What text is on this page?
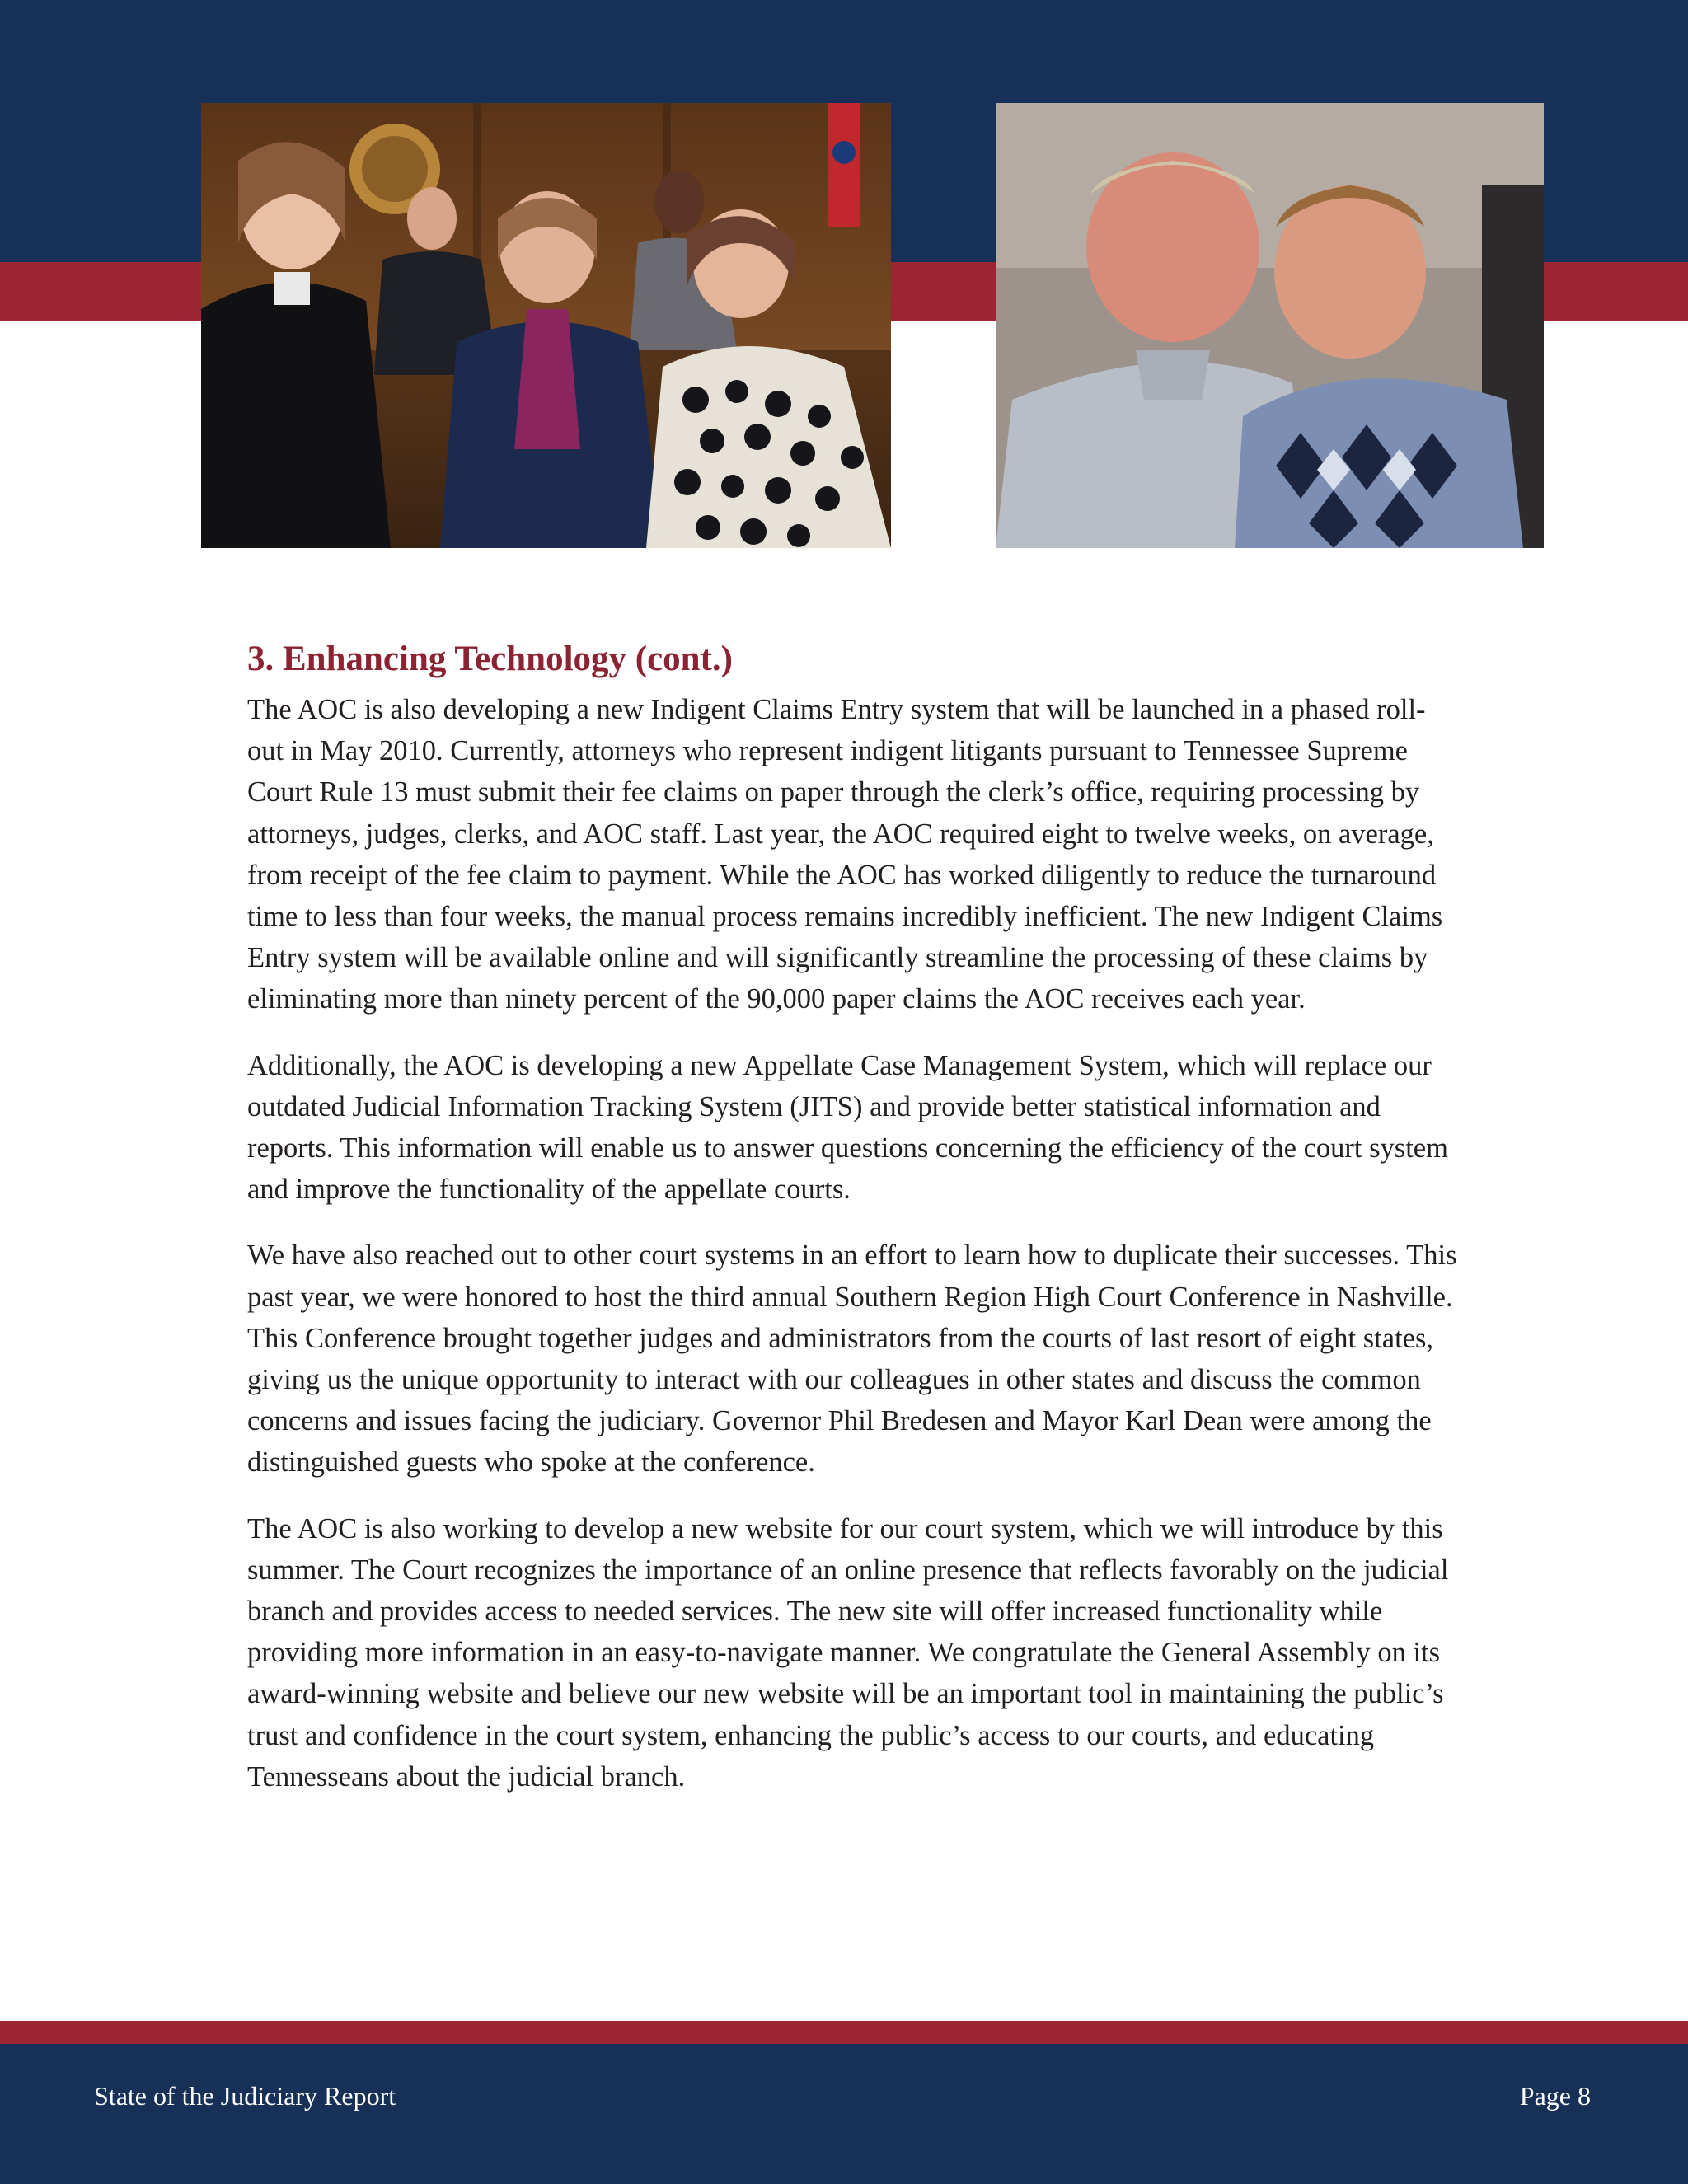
3. Enhancing Technology (cont.)

The AOC is also developing a new Indigent Claims Entry system that will be launched in a phased roll-out in May 2010. Currently, attorneys who represent indigent litigants pursuant to Tennessee Supreme Court Rule 13 must submit their fee claims on paper through the clerk’s office, requiring processing by attorneys, judges, clerks, and AOC staff. Last year, the AOC required eight to twelve weeks, on average, from receipt of the fee claim to payment. While the AOC has worked diligently to reduce the turnaround time to less than four weeks, the manual process remains incredibly inefficient. The new Indigent Claims Entry system will be available online and will significantly streamline the processing of these claims by eliminating more than ninety percent of the 90,000 paper claims the AOC receives each year.

Additionally, the AOC is developing a new Appellate Case Management System, which will replace our outdated Judicial Information Tracking System (JITS) and provide better statistical information and reports. This information will enable us to answer questions concerning the efficiency of the court system and improve the functionality of the appellate courts.

We have also reached out to other court systems in an effort to learn how to duplicate their successes. This past year, we were honored to host the third annual Southern Region High Court Conference in Nashville. This Conference brought together judges and administrators from the courts of last resort of eight states, giving us the unique opportunity to interact with our colleagues in other states and discuss the common concerns and issues facing the judiciary. Governor Phil Bredesen and Mayor Karl Dean were among the distinguished guests who spoke at the conference.

The AOC is also working to develop a new website for our court system, which we will introduce by this summer. The Court recognizes the importance of an online presence that reflects favorably on the judicial branch and provides access to needed services. The new site will offer increased functionality while providing more information in an easy-to-navigate manner. We congratulate the General Assembly on its award-winning website and believe our new website will be an important tool in maintaining the public’s trust and confidence in the court system, enhancing the public’s access to our courts, and educating Tennesseans about the judicial branch.

State of the Judiciary Report	Page 8
